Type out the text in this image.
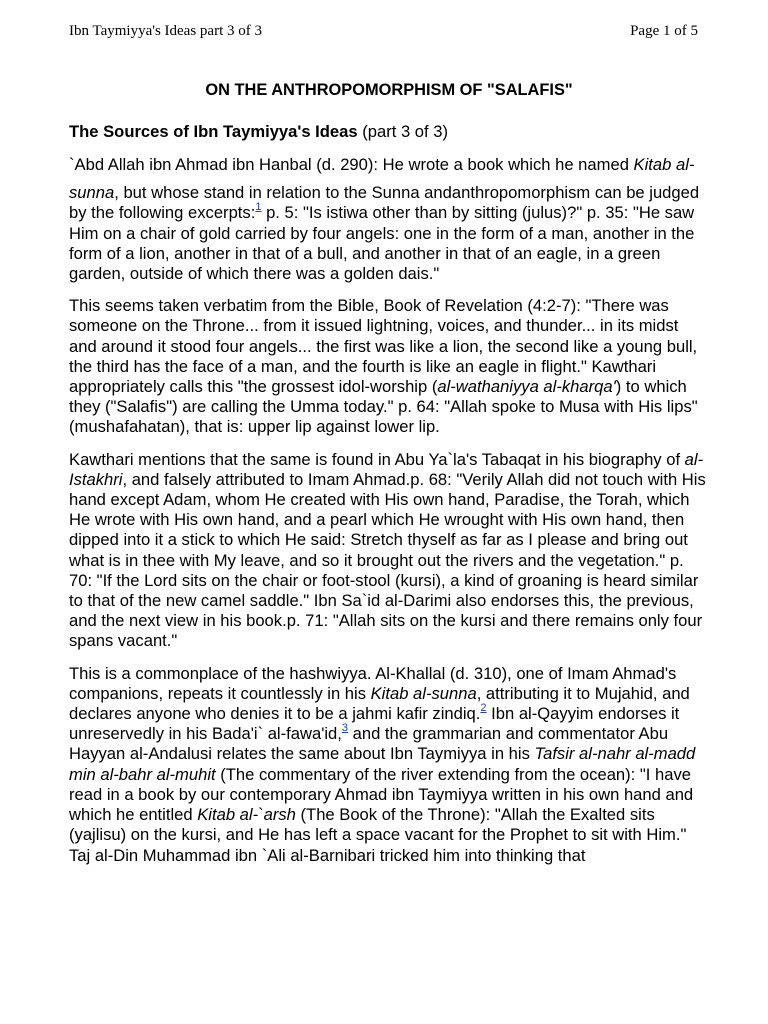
Ibn Taymiyya's Ideas part 3 of 3	Page 1 of 5
ON THE ANTHROPOMORPHISM OF "SALAFIS"
The Sources of Ibn Taymiyya's Ideas (part 3 of 3)

`Abd Allah ibn Ahmad ibn Hanbal (d. 290): He wrote a book which he named Kitab al-sunna, but whose stand in relation to the Sunna andanthropomorphism can be judged by the following excerpts:$^1$ p. 5: "Is istiwa other than by sitting (julus)?" p. 35: "He saw Him on a chair of gold carried by four angels: one in the form of a man, another in the form of a lion, another in that of a bull, and another in that of an eagle, in a green garden, outside of which there was a golden dais."

This seems taken verbatim from the Bible, Book of Revelation (4:2-7): "There was someone on the Throne... from it issued lightning, voices, and thunder... in its midst and around it stood four angels... the first was like a lion, the second like a young bull, the third has the face of a man, and the fourth is like an eagle in flight." Kawthari appropriately calls this "the grossest idol-worship (al-wathaniyya al-kharqa') to which they ("Salafis") are calling the Umma today." p. 64: "Allah spoke to Musa with His lips" (mushafahatan), that is: upper lip against lower lip.

Kawthari mentions that the same is found in Abu Ya`la's Tabaqat in his biography of al-Istakhri, and falsely attributed to Imam Ahmad.p. 68: "Verily Allah did not touch with His hand except Adam, whom He created with His own hand, Paradise, the Torah, which He wrote with His own hand, and a pearl which He wrought with His own hand, then dipped into it a stick to which He said: Stretch thyself as far as I please and bring out what is in thee with My leave, and so it brought out the rivers and the vegetation." p. 70: "If the Lord sits on the chair or foot-stool (kursi), a kind of groaning is heard similar to that of the new camel saddle." Ibn Sa`id al-Darimi also endorses this, the previous, and the next view in his book.p. 71: "Allah sits on the kursi and there remains only four spans vacant."

This is a commonplace of the hashwiyya. Al-Khallal (d. 310), one of Imam Ahmad's companions, repeats it countlessly in his Kitab al-sunna, attributing it to Mujahid, and declares anyone who denies it to be a jahmi kafir zindiq.$^2$ Ibn al-Qayyim endorses it unreservedly in his Bada'i` al-fawa'id,$^3$ and the grammarian and commentator Abu Hayyan al-Andalusi relates the same about Ibn Taymiyya in his Tafsir al-nahr al-madd min al-bahr al-muhit (The commentary of the river extending from the ocean): "I have read in a book by our contemporary Ahmad ibn Taymiyya written in his own hand and which he entitled Kitab al-`arsh (The Book of the Throne): "Allah the Exalted sits (yajlisu) on the kursi, and He has left a space vacant for the Prophet to sit with Him." Taj al-Din Muhammad ibn `Ali al-Barnibari tricked him into thinking that
